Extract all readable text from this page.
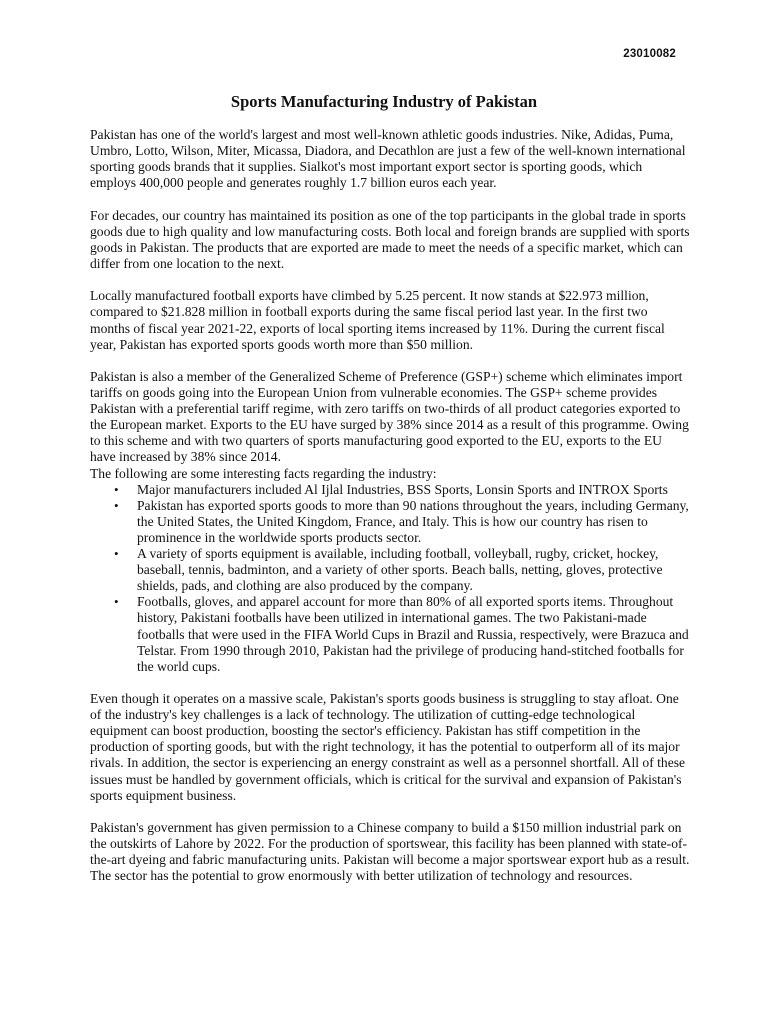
23010082
Sports Manufacturing Industry of Pakistan

Pakistan has one of the world's largest and most well-known athletic goods industries. Nike, Adidas, Puma, Umbro, Lotto, Wilson, Miter, Micassa, Diadora, and Decathlon are just a few of the well-known international sporting goods brands that it supplies. Sialkot's most important export sector is sporting goods, which employs 400,000 people and generates roughly 1.7 billion euros each year.

For decades, our country has maintained its position as one of the top participants in the global trade in sports goods due to high quality and low manufacturing costs. Both local and foreign brands are supplied with sports goods in Pakistan. The products that are exported are made to meet the needs of a specific market, which can differ from one location to the next.

Locally manufactured football exports have climbed by 5.25 percent. It now stands at $22.973 million, compared to $21.828 million in football exports during the same fiscal period last year. In the first two months of fiscal year 2021-22, exports of local sporting items increased by 11%. During the current fiscal year, Pakistan has exported sports goods worth more than $50 million.

Pakistan is also a member of the Generalized Scheme of Preference (GSP+) scheme which eliminates import tariffs on goods going into the European Union from vulnerable economies. The GSP+ scheme provides Pakistan with a preferential tariff regime, with zero tariffs on two-thirds of all product categories exported to the European market. Exports to the EU have surged by 38% since 2014 as a result of this programme. Owing to this scheme and with two quarters of sports manufacturing good exported to the EU, exports to the EU have increased by 38% since 2014.

The following are some interesting facts regarding the industry:

• Major manufacturers included Al Ijlal Industries, BSS Sports, Lonsin Sports and INTROX Sports
• Pakistan has exported sports goods to more than 90 nations throughout the years, including Germany, the United States, the United Kingdom, France, and Italy. This is how our country has risen to prominence in the worldwide sports products sector.
• A variety of sports equipment is available, including football, volleyball, rugby, cricket, hockey, baseball, tennis, badminton, and a variety of other sports. Beach balls, netting, gloves, protective shields, pads, and clothing are also produced by the company.
• Footballs, gloves, and apparel account for more than 80% of all exported sports items. Throughout history, Pakistani footballs have been utilized in international games. The two Pakistani-made footballs that were used in the FIFA World Cups in Brazil and Russia, respectively, were Brazuca and Telstar. From 1990 through 2010, Pakistan had the privilege of producing hand-stitched footballs for the world cups.

Even though it operates on a massive scale, Pakistan's sports goods business is struggling to stay afloat. One of the industry's key challenges is a lack of technology. The utilization of cutting-edge technological equipment can boost production, boosting the sector's efficiency. Pakistan has stiff competition in the production of sporting goods, but with the right technology, it has the potential to outperform all of its major rivals. In addition, the sector is experiencing an energy constraint as well as a personnel shortfall. All of these issues must be handled by government officials, which is critical for the survival and expansion of Pakistan's sports equipment business.

Pakistan's government has given permission to a Chinese company to build a $150 million industrial park on the outskirts of Lahore by 2022. For the production of sportswear, this facility has been planned with state-of-the-art dyeing and fabric manufacturing units. Pakistan will become a major sportswear export hub as a result. The sector has the potential to grow enormously with better utilization of technology and resources.
